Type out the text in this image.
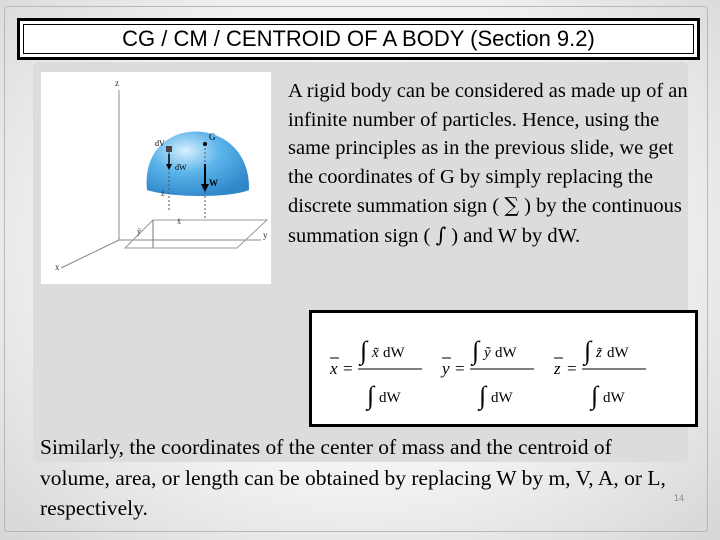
CG / CM / CENTROID OF A BODY (Section 9.2)
z
x
y
G
W
dV
dW
z̃
x̃
ỹ

A rigid body can be considered as made up of an infinite number of particles. Hence, using the same principles as in the previous slide, we get the coordinates of G by simply replacing the discrete summation sign ( ∑ ) by the continuous summation sign ( ∫ ) and W by dW.

x =
∫ x̃ dW
∫ dW
y =
∫ ỹ dW
∫ dW
z =
∫ z̃ dW
∫ dW

Similarly, the coordinates of the center of mass and the centroid of volume, area, or length can be obtained by replacing W by m, V, A, or L, respectively.	14
